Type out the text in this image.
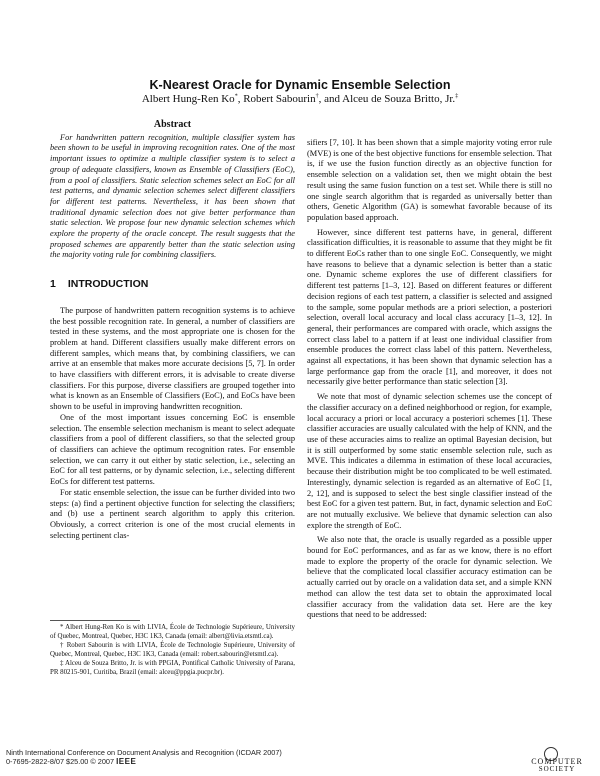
K-Nearest Oracle for Dynamic Ensemble Selection
Albert Hung-Ren Ko*, Robert Sabourin†, and Alceu de Souza Britto, Jr.‡
Abstract

For handwritten pattern recognition, multiple classifier system has been shown to be useful in improving recognition rates. One of the most important issues to optimize a multiple classifier system is to select a group of adequate classifiers, known as Ensemble of Classifiers (EoC), from a pool of classifiers. Static selection schemes select an EoC for all test patterns, and dynamic selection schemes select different classifiers for different test patterns. Nevertheless, it has been shown that traditional dynamic selection does not give better performance than static selection. We propose four new dynamic selection schemes which explore the property of the oracle concept. The result suggests that the proposed schemes are apparently better than the static selection using the majority voting rule for combining classifiers.

1 INTRODUCTION

The purpose of handwritten pattern recognition systems is to achieve the best possible recognition rate. In general, a number of classifiers are tested in these systems, and the most appropriate one is chosen for the problem at hand. Different classifiers usually make different errors on different samples, which means that, by combining classifiers, we can arrive at an ensemble that makes more accurate decisions [5, 7]. In order to have classifiers with different errors, it is advisable to create diverse classifiers. For this purpose, diverse classifiers are grouped together into what is known as an Ensemble of Classifiers (EoC), and EoCs have been shown to be useful in improving handwritten recognition.

One of the most important issues concerning EoC is ensemble selection. The ensemble selection mechanism is meant to select adequate classifiers from a pool of different classifiers, so that the selected group of classifiers can achieve the optimum recognition rates. For ensemble selection, we can carry it out either by static selection, i.e., selecting an EoC for all test patterns, or by dynamic selection, i.e., selecting different EoCs for different test patterns.

For static ensemble selection, the issue can be further divided into two steps: (a) find a pertinent objective function for selecting the classifiers; and (b) use a pertinent search algorithm to apply this criterion. Obviously, a correct criterion is one of the most crucial elements in selecting pertinent clas-

* Albert Hung-Ren Ko is with LIVIA, École de Technologie Supérieure, University of Quebec, Montreal, Quebec, H3C 1K3, Canada (email: albert@livia.etsmtl.ca).

† Robert Sabourin is with LIVIA, École de Technologie Supérieure, University of Quebec, Montreal, Quebec, H3C 1K3, Canada (email: robert.sabourin@etsmtl.ca).

‡ Alceu de Souza Britto, Jr. is with PPGIA, Pontifical Catholic University of Parana, PR 80215-901, Curitiba, Brazil (email: alceu@ppgia.pucpr.br).

sifiers [7, 10]. It has been shown that a simple majority voting error rule (MVE) is one of the best objective functions for ensemble selection. That is, if we use the fusion function directly as an objective function for ensemble selection on a validation set, then we might obtain the best result using the same fusion function on a test set. While there is still no one single search algorithm that is regarded as universally better than others, Genetic Algorithm (GA) is somewhat favorable because of its population based approach.

However, since different test patterns have, in general, different classification difficulties, it is reasonable to assume that they might be fit to different EoCs rather than to one single EoC. Consequently, we might have reasons to believe that a dynamic selection is better than a static one. Dynamic scheme explores the use of different classifiers for different test patterns [1–3, 12]. Based on different features or different decision regions of each test pattern, a classifier is selected and assigned to the sample, some popular methods are a priori selection, a posteriori selection, overall local accuracy and local class accuracy [1–3, 12]. In general, their performances are compared with oracle, which assigns the correct class label to a pattern if at least one individual classifier from ensemble produces the correct class label of this pattern. Nevertheless, against all expectations, it has been shown that dynamic selection has a large performance gap from the oracle [1], and moreover, it does not necessarily give better performance than static selection [3].

We note that most of dynamic selection schemes use the concept of the classifier accuracy on a defined neighborhood or region, for example, local accuracy a priori or local accuracy a posteriori schemes [1]. These classifier accuracies are usually calculated with the help of KNN, and the use of these accuracies aims to realize an optimal Bayesian decision, but it is still outperformed by some static ensemble selection rule, such as MVE. This indicates a dilemma in estimation of these local accuracies, because their distribution might be too complicated to be well estimated. Interestingly, dynamic selection is regarded as an alternative of EoC [1, 2, 12], and is supposed to select the best single classifier instead of the best EoC for a given test pattern. But, in fact, dynamic selection and EoC are not mutually exclusive. We believe that dynamic selection can also explore the strength of EoC.

We also note that, the oracle is usually regarded as a possible upper bound for EoC performances, and as far as we know, there is no effort made to explore the property of the oracle for dynamic selection. We believe that the complicated local classifier accuracy estimation can be actually carried out by oracle on a validation data set, and a simple KNN method can allow the test data set to obtain the approximated local classifier accuracy from the validation data set. Here are the key questions that need to be addressed:

Ninth International Conference on Document Analysis and Recognition (ICDAR 2007)
0-7695-2822-8/07 $25.00 © 2007 IEEE	COMPUTER
SOCIETY
